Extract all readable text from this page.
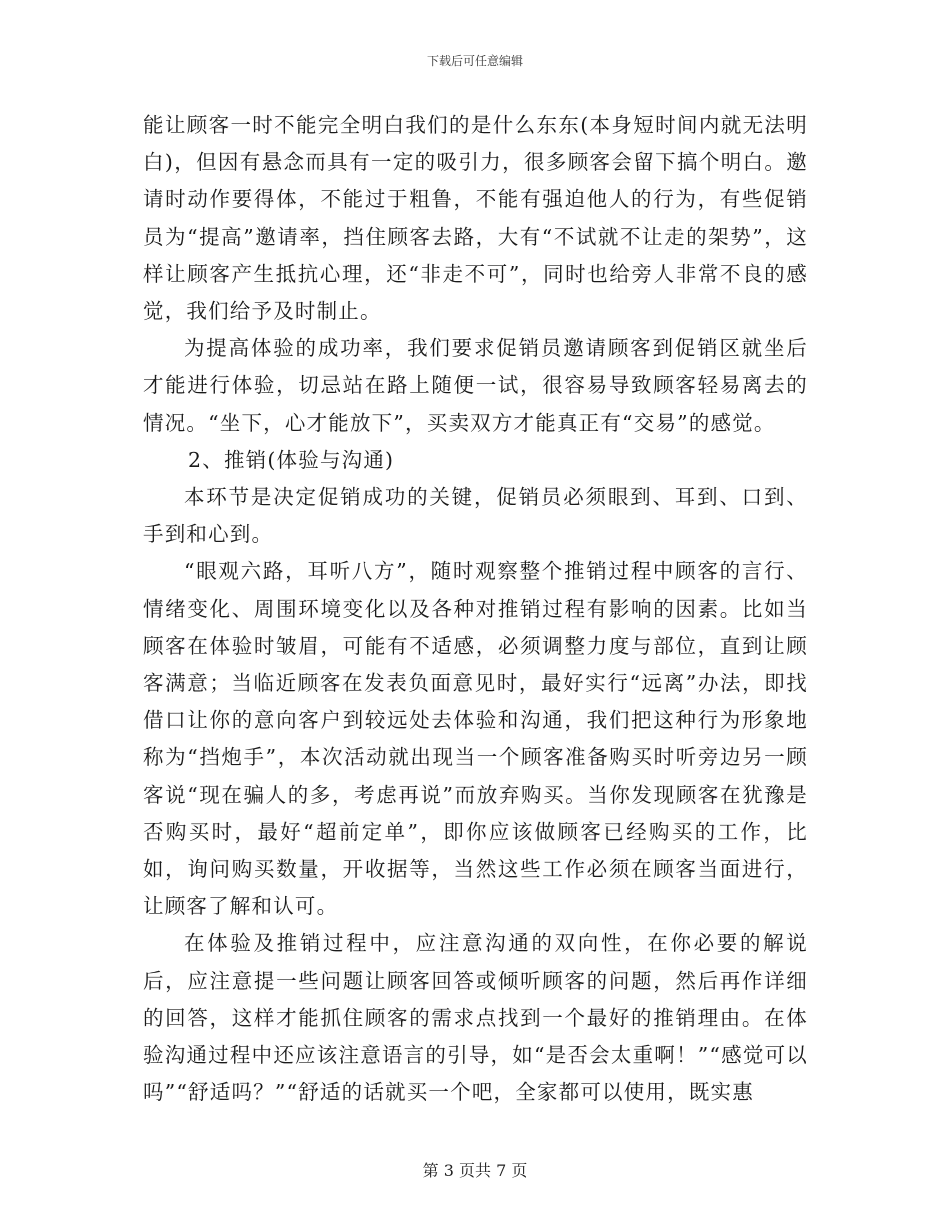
下载后可任意编辑

能让顾客一时不能完全明白我们的是什么东东(本身短时间内就无法明白)，但因有悬念而具有一定的吸引力，很多顾客会留下搞个明白。邀请时动作要得体，不能过于粗鲁，不能有强迫他人的行为，有些促销员为“提高”邀请率，挡住顾客去路，大有“不试就不让走的架势”，这样让顾客产生抵抗心理，还“非走不可”，同时也给旁人非常不良的感觉，我们给予及时制止。

为提高体验的成功率，我们要求促销员邀请顾客到促销区就坐后才能进行体验，切忌站在路上随便一试，很容易导致顾客轻易离去的情况。“坐下，心才能放下”，买卖双方才能真正有“交易”的感觉。

2、推销(体验与沟通)

本环节是决定促销成功的关键，促销员必须眼到、耳到、口到、手到和心到。

“眼观六路，耳听八方”，随时观察整个推销过程中顾客的言行、情绪变化、周围环境变化以及各种对推销过程有影响的因素。比如当顾客在体验时皱眉，可能有不适感，必须调整力度与部位，直到让顾客满意；当临近顾客在发表负面意见时，最好实行“远离”办法，即找借口让你的意向客户到较远处去体验和沟通，我们把这种行为形象地称为“挡炮手”，本次活动就出现当一个顾客准备购买时听旁边另一顾客说“现在骗人的多，考虑再说”而放弃购买。当你发现顾客在犹豫是否购买时，最好“超前定单”，即你应该做顾客已经购买的工作，比如，询问购买数量，开收据等，当然这些工作必须在顾客当面进行，让顾客了解和认可。

在体验及推销过程中，应注意沟通的双向性，在你必要的解说后，应注意提一些问题让顾客回答或倾听顾客的问题，然后再作详细的回答，这样才能抓住顾客的需求点找到一个最好的推销理由。在体验沟通过程中还应该注意语言的引导，如“是否会太重啊！”“感觉可以吗”“舒适吗？”“舒适的话就买一个吧，全家都可以使用，既实惠

第 3 页共 7 页
